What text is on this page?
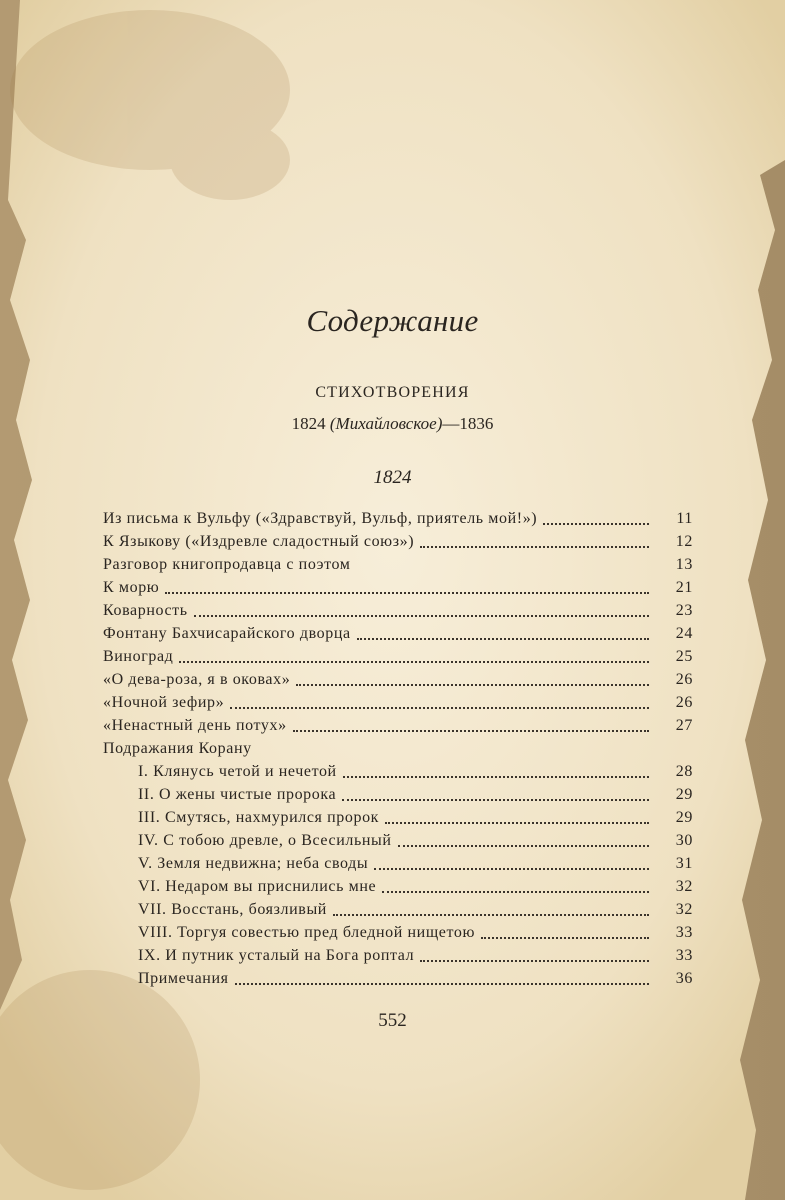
Содержание
СТИХОТВОРЕНИЯ
1824 (Михайловское)—1836
1824
Из письма к Вульфу («Здравствуй, Вульф, приятель мой!»)	11
К Языкову («Издревле сладостный союз»)	12
Разговор книгопродавца с поэтом	13
К морю	21
Коварность	23
Фонтану Бахчисарайского дворца	24
Виноград	25
«О дева-роза, я в оковах»	26
«Ночной зефир»	26
«Ненастный день потух»	27
Подражания Корану
I. Клянусь четой и нечетой	28
II. О жены чистые пророка	29
III. Смутясь, нахмурился пророк	29
IV. С тобою древле, о Всесильный	30
V. Земля недвижна; неба своды	31
VI. Недаром вы приснились мне	32
VII. Восстань, боязливый	32
VIII. Торгуя совестью пред бледной нищетою	33
IX. И путник усталый на Бога роптал	33
Примечания	36
552
